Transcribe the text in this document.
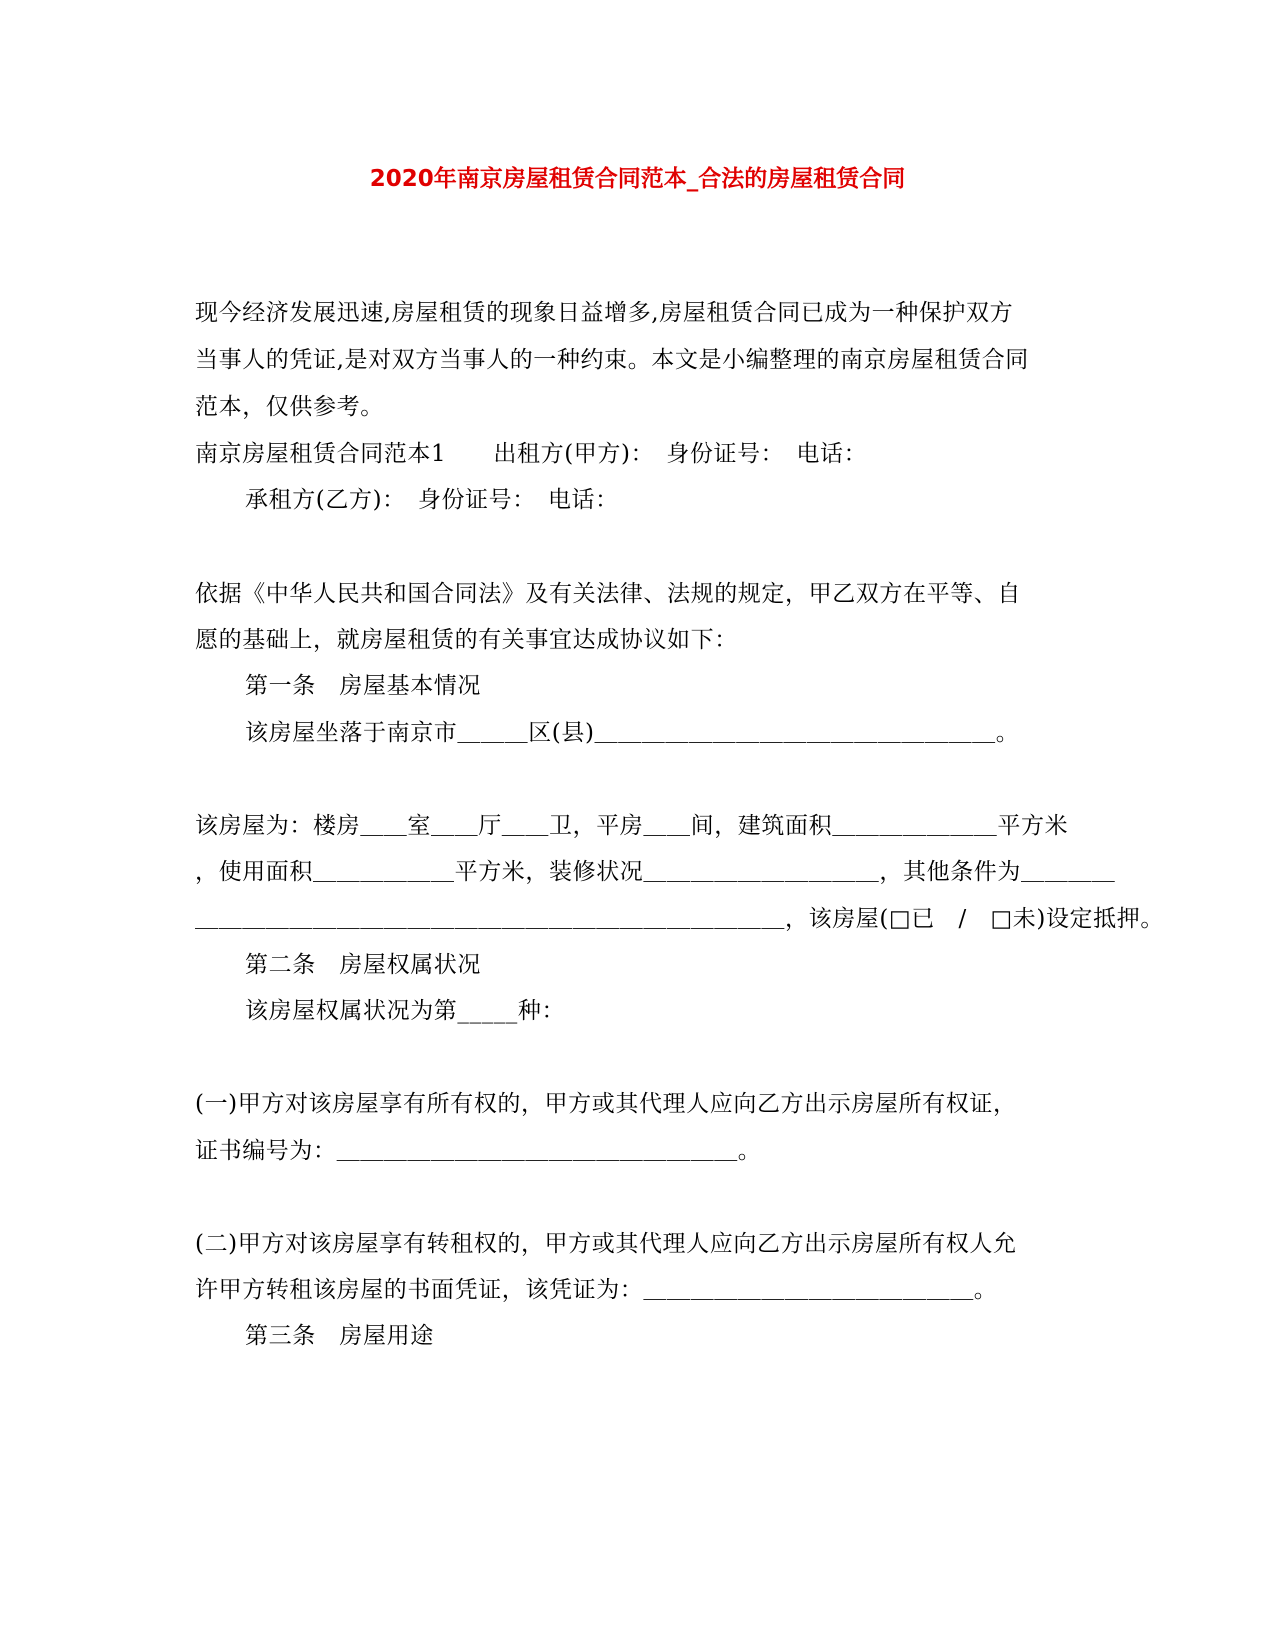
2020年南京房屋租赁合同范本_合法的房屋租赁合同
现今经济发展迅速,房屋租赁的现象日益增多,房屋租赁合同已成为一种保护双方
当事人的凭证,是对双方当事人的一种约束。本文是小编整理的南京房屋租赁合同
范本，仅供参考。
南京房屋租赁合同范本1　　出租方(甲方)：　身份证号：　电话：
承租方(乙方)：　身份证号：　电话：
依据《中华人民共和国合同法》及有关法律、法规的规定，甲乙双方在平等、自
愿的基础上，就房屋租赁的有关事宜达成协议如下：
第一条　房屋基本情况
该房屋坐落于南京市＿＿＿区(县)＿＿＿＿＿＿＿＿＿＿＿＿＿＿＿＿＿。
该房屋为：楼房＿＿室＿＿厅＿＿卫，平房＿＿间，建筑面积＿＿＿＿＿＿＿平方米
，使用面积＿＿＿＿＿＿平方米，装修状况＿＿＿＿＿＿＿＿＿＿，其他条件为＿＿＿＿
＿＿＿＿＿＿＿＿＿＿＿＿＿＿＿＿＿＿＿＿＿＿＿＿＿，该房屋(□已　/　□未)设定抵押。
第二条　房屋权属状况
该房屋权属状况为第_____种：
(一)甲方对该房屋享有所有权的，甲方或其代理人应向乙方出示房屋所有权证，
证书编号为：＿＿＿＿＿＿＿＿＿＿＿＿＿＿＿＿＿。
(二)甲方对该房屋享有转租权的，甲方或其代理人应向乙方出示房屋所有权人允
许甲方转租该房屋的书面凭证，该凭证为：＿＿＿＿＿＿＿＿＿＿＿＿＿＿。
第三条　房屋用途
